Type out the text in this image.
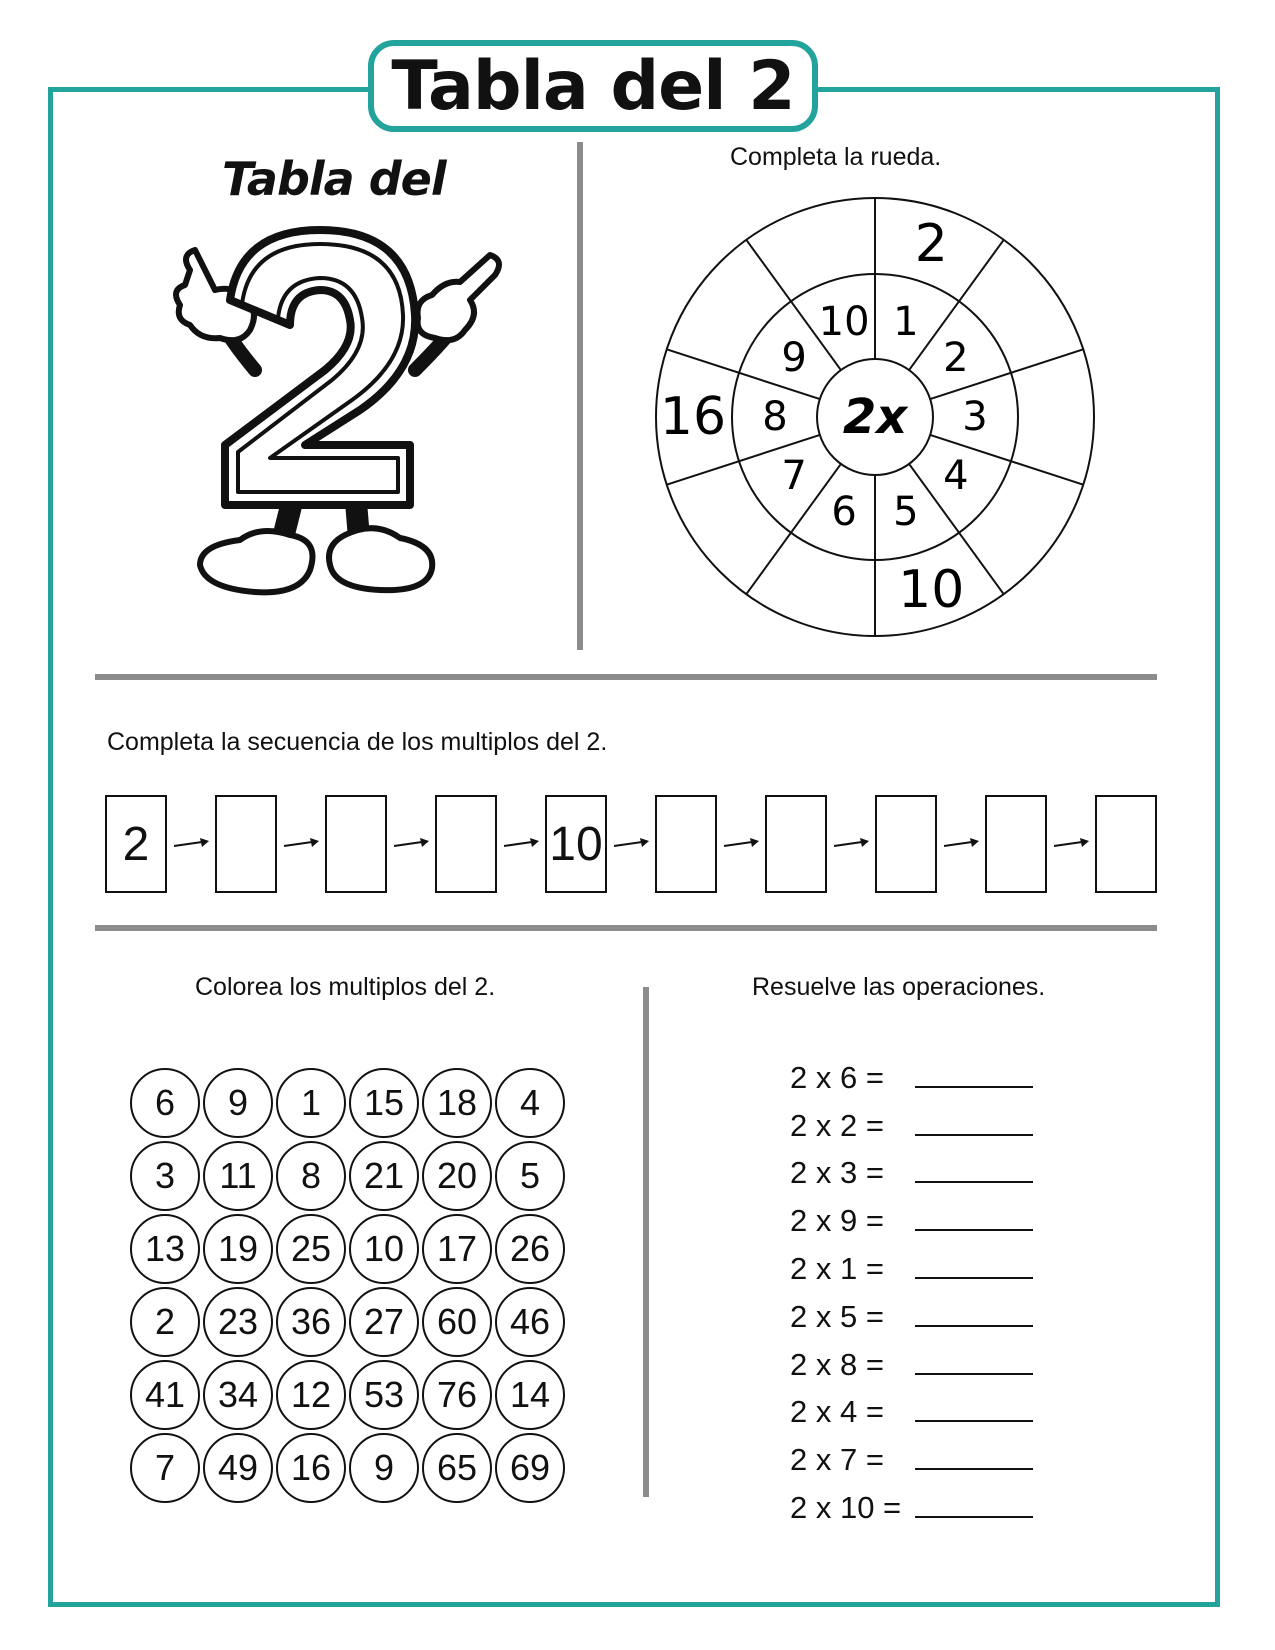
Tabla del 2
Tabla del	Completa la rueda.
2x
1
2
2
3
4
5
10
6
7
8
16
9
10
Completa la secuencia de los multiplos del 2.
2	10
Colorea los multiplos del 2.
6	9	1	15 18	4
3	11	8	21 20	5
13 19 25 10 17 26
2	23 36 27 60 46
41 34 12 53 76 14
7	49 16	9	65 69
Resuelve las operaciones.
2 x 6 =
2 x 2 =
2 x 3 =
2 x 9 =
2 x 1 =
2 x 5 =
2 x 8 =
2 x 4 =
2 x 7 =
2 x 10 =
